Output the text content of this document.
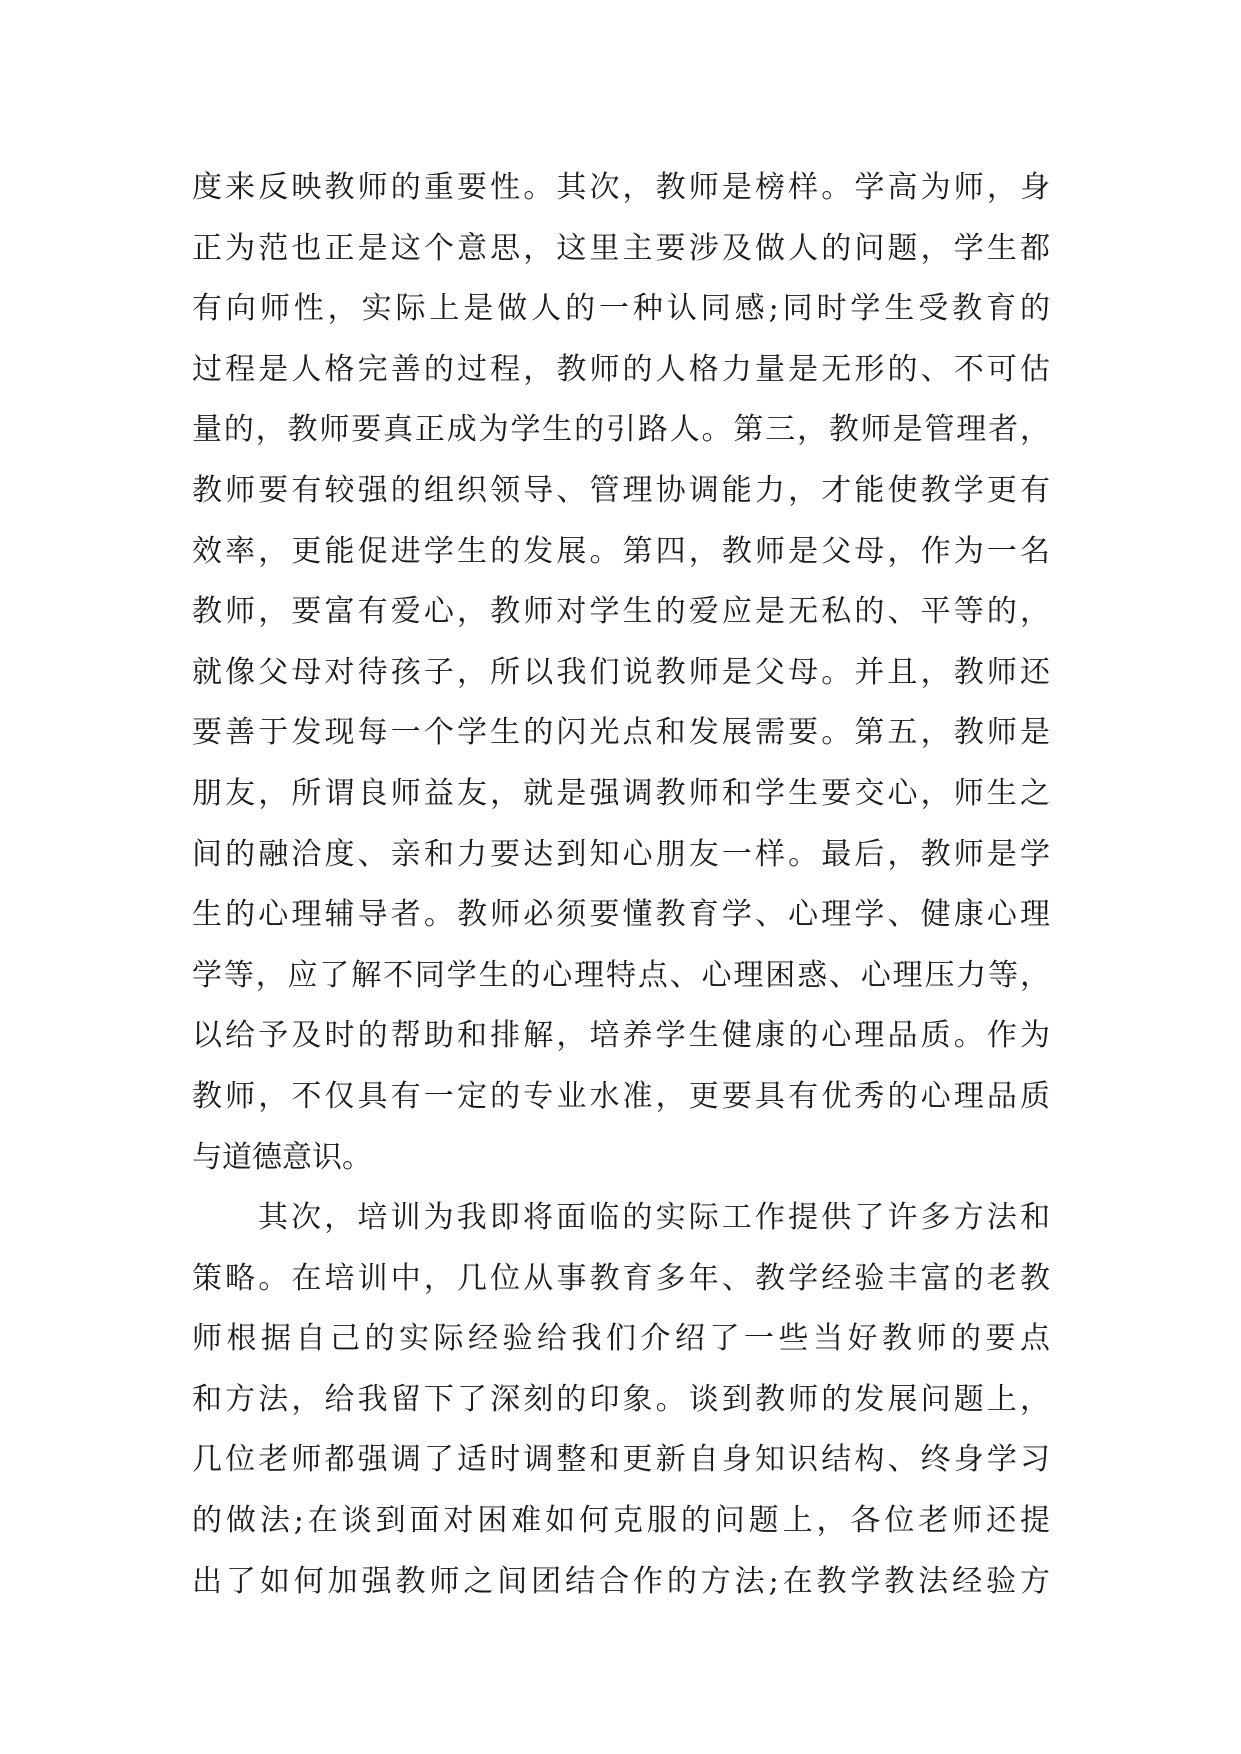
度来反映教师的重要性。其次，教师是榜样。学高为师，身
正为范也正是这个意思，这里主要涉及做人的问题，学生都
有向师性，实际上是做人的一种认同感;同时学生受教育的
过程是人格完善的过程，教师的人格力量是无形的、不可估
量的，教师要真正成为学生的引路人。第三，教师是管理者，
教师要有较强的组织领导、管理协调能力，才能使教学更有
效率，更能促进学生的发展。第四，教师是父母，作为一名
教师，要富有爱心，教师对学生的爱应是无私的、平等的，
就像父母对待孩子，所以我们说教师是父母。并且，教师还
要善于发现每一个学生的闪光点和发展需要。第五，教师是
朋友，所谓良师益友，就是强调教师和学生要交心，师生之
间的融洽度、亲和力要达到知心朋友一样。最后，教师是学
生的心理辅导者。教师必须要懂教育学、心理学、健康心理
学等，应了解不同学生的心理特点、心理困惑、心理压力等，
以给予及时的帮助和排解，培养学生健康的心理品质。作为
教师，不仅具有一定的专业水准，更要具有优秀的心理品质
与道德意识。
其次，培训为我即将面临的实际工作提供了许多方法和
策略。在培训中，几位从事教育多年、教学经验丰富的老教
师根据自己的实际经验给我们介绍了一些当好教师的要点
和方法，给我留下了深刻的印象。谈到教师的发展问题上，
几位老师都强调了适时调整和更新自身知识结构、终身学习
的做法;在谈到面对困难如何克服的问题上，各位老师还提
出了如何加强教师之间团结合作的方法;在教学教法经验方
